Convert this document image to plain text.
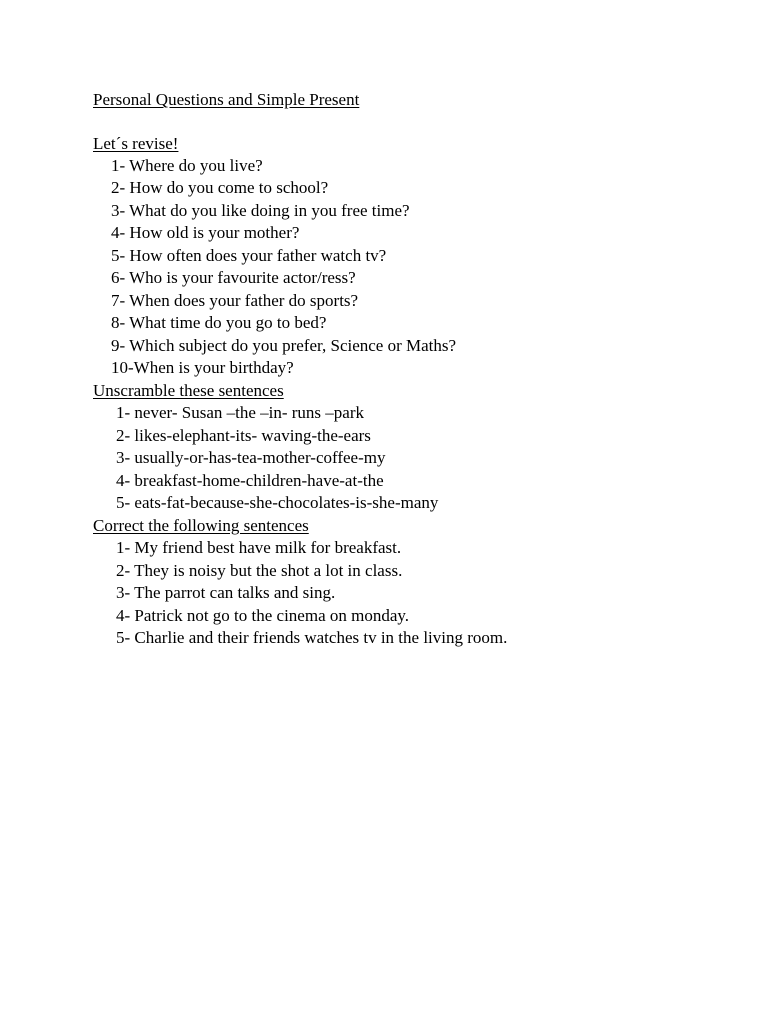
Personal Questions and Simple Present
Let´s revise!
1- Where do you live?
2- How do you come to school?
3- What do you like doing in you free time?
4- How old is your mother?
5- How often does your father watch tv?
6- Who is your favourite actor/ress?
7- When does your father do sports?
8- What time do you go to bed?
9- Which subject do you prefer, Science or Maths?
10-When is your birthday?
Unscramble these sentences
1- never- Susan –the –in- runs –park
2- likes-elephant-its- waving-the-ears
3- usually-or-has-tea-mother-coffee-my
4- breakfast-home-children-have-at-the
5- eats-fat-because-she-chocolates-is-she-many
Correct the following sentences
1- My friend best have milk for breakfast.
2- They is noisy but the shot a lot in class.
3- The parrot can talks and sing.
4- Patrick not go to the cinema on monday.
5- Charlie and their friends watches tv in the living room.
